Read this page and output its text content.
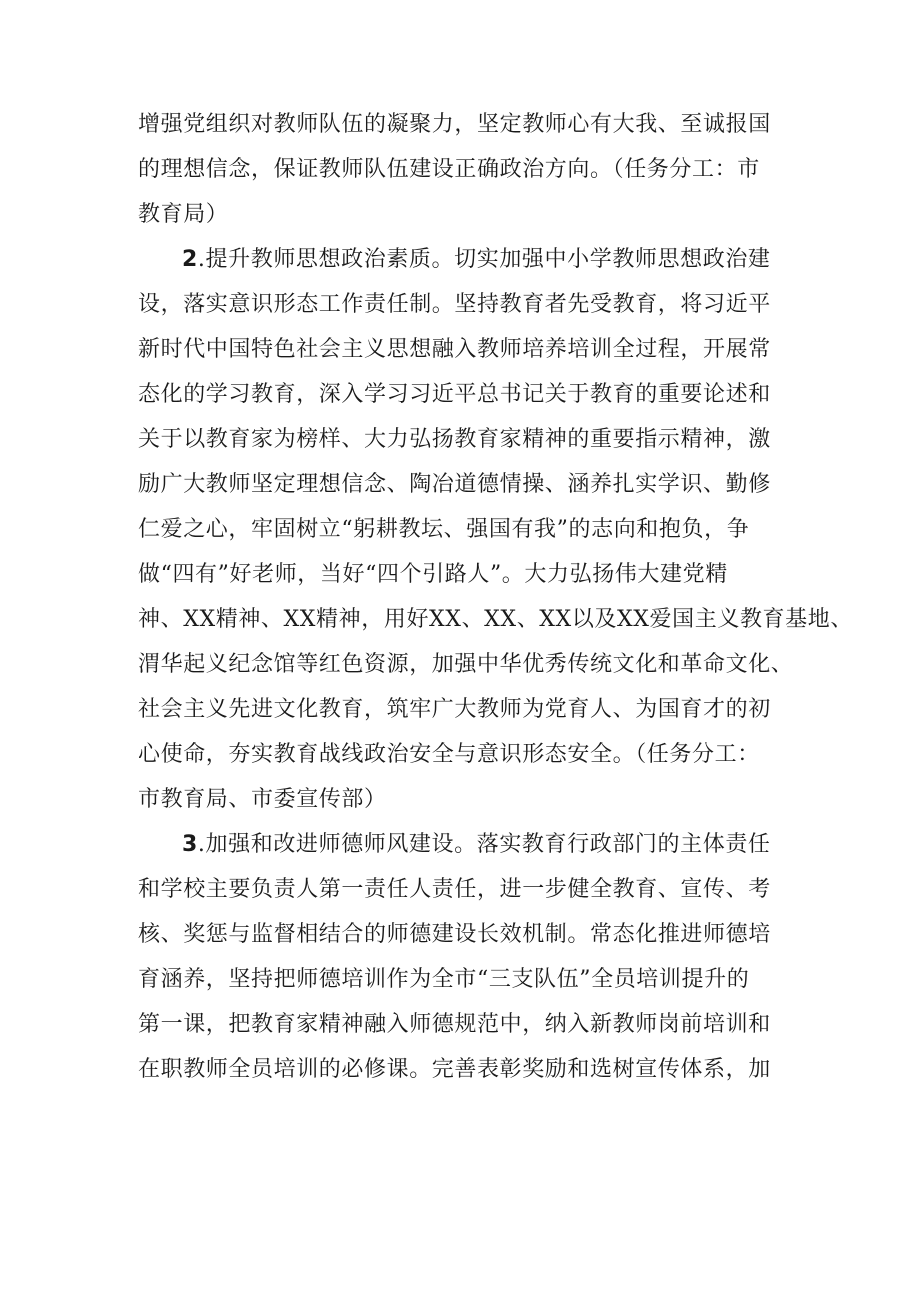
增强党组织对教师队伍的凝聚力，坚定教师心有大我、至诚报国
的理想信念，保证教师队伍建设正确政治方向。（任务分工：市
教育局）
2.提升教师思想政治素质。切实加强中小学教师思想政治建
设，落实意识形态工作责任制。坚持教育者先受教育，将习近平
新时代中国特色社会主义思想融入教师培养培训全过程，开展常
态化的学习教育，深入学习习近平总书记关于教育的重要论述和
关于以教育家为榜样、大力弘扬教育家精神的重要指示精神，激
励广大教师坚定理想信念、陶冶道德情操、涵养扎实学识、勤修
仁爱之心，牢固树立“躬耕教坛、强国有我”的志向和抱负，争
做“四有”好老师，当好“四个引路人”。大力弘扬伟大建党精
神、XX精神、XX精神，用好XX、XX、XX以及XX爱国主义教育基地、
渭华起义纪念馆等红色资源，加强中华优秀传统文化和革命文化、
社会主义先进文化教育，筑牢广大教师为党育人、为国育才的初
心使命，夯实教育战线政治安全与意识形态安全。（任务分工：
市教育局、市委宣传部）
3.加强和改进师德师风建设。落实教育行政部门的主体责任
和学校主要负责人第一责任人责任，进一步健全教育、宣传、考
核、奖惩与监督相结合的师德建设长效机制。常态化推进师德培
育涵养，坚持把师德培训作为全市“三支队伍”全员培训提升的
第一课，把教育家精神融入师德规范中，纳入新教师岗前培训和
在职教师全员培训的必修课。完善表彰奖励和选树宣传体系，加
